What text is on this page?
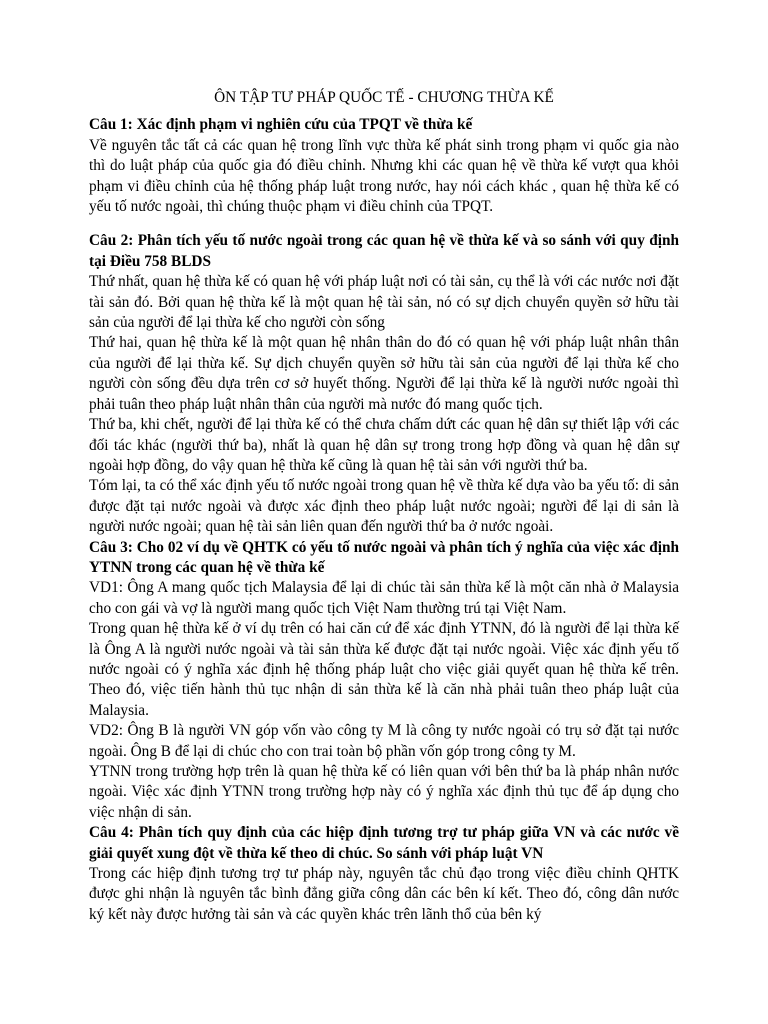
ÔN TẬP TƯ PHÁP QUỐC TẾ - CHƯƠNG THỪA KẾ

Câu 1: Xác định phạm vi nghiên cứu của TPQT về thừa kế

Về nguyên tắc tất cả các quan hệ trong lĩnh vực thừa kế phát sinh trong phạm vi quốc gia nào thì do luật pháp của quốc gia đó điều chỉnh. Nhưng khi các quan hệ về thừa kế vượt qua khỏi phạm vi điều chỉnh của hệ thống pháp luật trong nước, hay nói cách khác , quan hệ thừa kế có yếu tố nước ngoài, thì chúng thuộc phạm vi điều chỉnh của TPQT.

Câu 2: Phân tích yếu tố nước ngoài trong các quan hệ về thừa kế và so sánh với quy định tại Điều 758 BLDS

Thứ nhất, quan hệ thừa kế có quan hệ với pháp luật nơi có tài sản, cụ thể là với các nước nơi đặt tài sản đó. Bởi quan hệ thừa kế là một quan hệ tài sản, nó có sự dịch chuyển quyền sở hữu tài sản của người để lại thừa kế cho người còn sống

Thứ hai, quan hệ thừa kế là một quan hệ nhân thân do đó có quan hệ với pháp luật nhân thân của người để lại thừa kế. Sự dịch chuyển quyền sở hữu tài sản của người để lại thừa kế cho người còn sống đều dựa trên cơ sở huyết thống. Người để lại thừa kế là người nước ngoài thì phải tuân theo pháp luật nhân thân của người mà nước đó mang quốc tịch.

Thứ ba, khi chết, người để lại thừa kế có thể chưa chấm dứt các quan hệ dân sự thiết lập với các đối tác khác (người thứ ba), nhất là quan hệ dân sự trong trong hợp đồng và quan hệ dân sự ngoài hợp đồng, do vậy quan hệ thừa kế cũng là quan hệ tài sản với người thứ ba.

Tóm lại, ta có thể xác định yếu tố nước ngoài trong quan hệ về thừa kế dựa vào ba yếu tố: di sản được đặt tại nước ngoài và được xác định theo pháp luật nước ngoài; người để lại di sản là người nước ngoài; quan hệ tài sản liên quan đến người thứ ba ở nước ngoài.

Câu 3: Cho 02 ví dụ về QHTK có yếu tố nước ngoài và phân tích ý nghĩa của việc xác định YTNN trong các quan hệ về thừa kế

VD1: Ông A mang quốc tịch Malaysia để lại di chúc tài sản thừa kế là một căn nhà ở Malaysia cho con gái và vợ là người mang quốc tịch Việt Nam thường trú tại Việt Nam.

Trong quan hệ thừa kế ở ví dụ trên có hai căn cứ để xác định YTNN, đó là người để lại thừa kế là Ông A là người nước ngoài và tài sản thừa kế được đặt tại nước ngoài. Việc xác định yếu tố nước ngoài có ý nghĩa xác định hệ thống pháp luật cho việc giải quyết quan hệ thừa kế trên. Theo đó, việc tiến hành thủ tục nhận di sản thừa kế là căn nhà phải tuân theo pháp luật của Malaysia.

VD2: Ông B là người VN góp vốn vào công ty M là công ty nước ngoài có trụ sở đặt tại nước ngoài. Ông B để lại di chúc cho con trai toàn bộ phần vốn góp trong công ty M.

YTNN trong trường hợp trên là quan hệ thừa kế có liên quan với bên thứ ba là pháp nhân nước ngoài. Việc xác định YTNN trong trường hợp này có ý nghĩa xác định thủ tục để áp dụng cho việc nhận di sản.

Câu 4: Phân tích quy định của các hiệp định tương trợ tư pháp giữa VN và các nước về giải quyết xung đột về thừa kế theo di chúc. So sánh với pháp luật VN

Trong các hiệp định tương trợ tư pháp này, nguyên tắc chủ đạo trong việc điều chỉnh QHTK được ghi nhận là nguyên tắc bình đẳng giữa công dân các bên kí kết. Theo đó, công dân nước ký kết này được hưởng tài sản và các quyền khác trên lãnh thổ của bên ký
